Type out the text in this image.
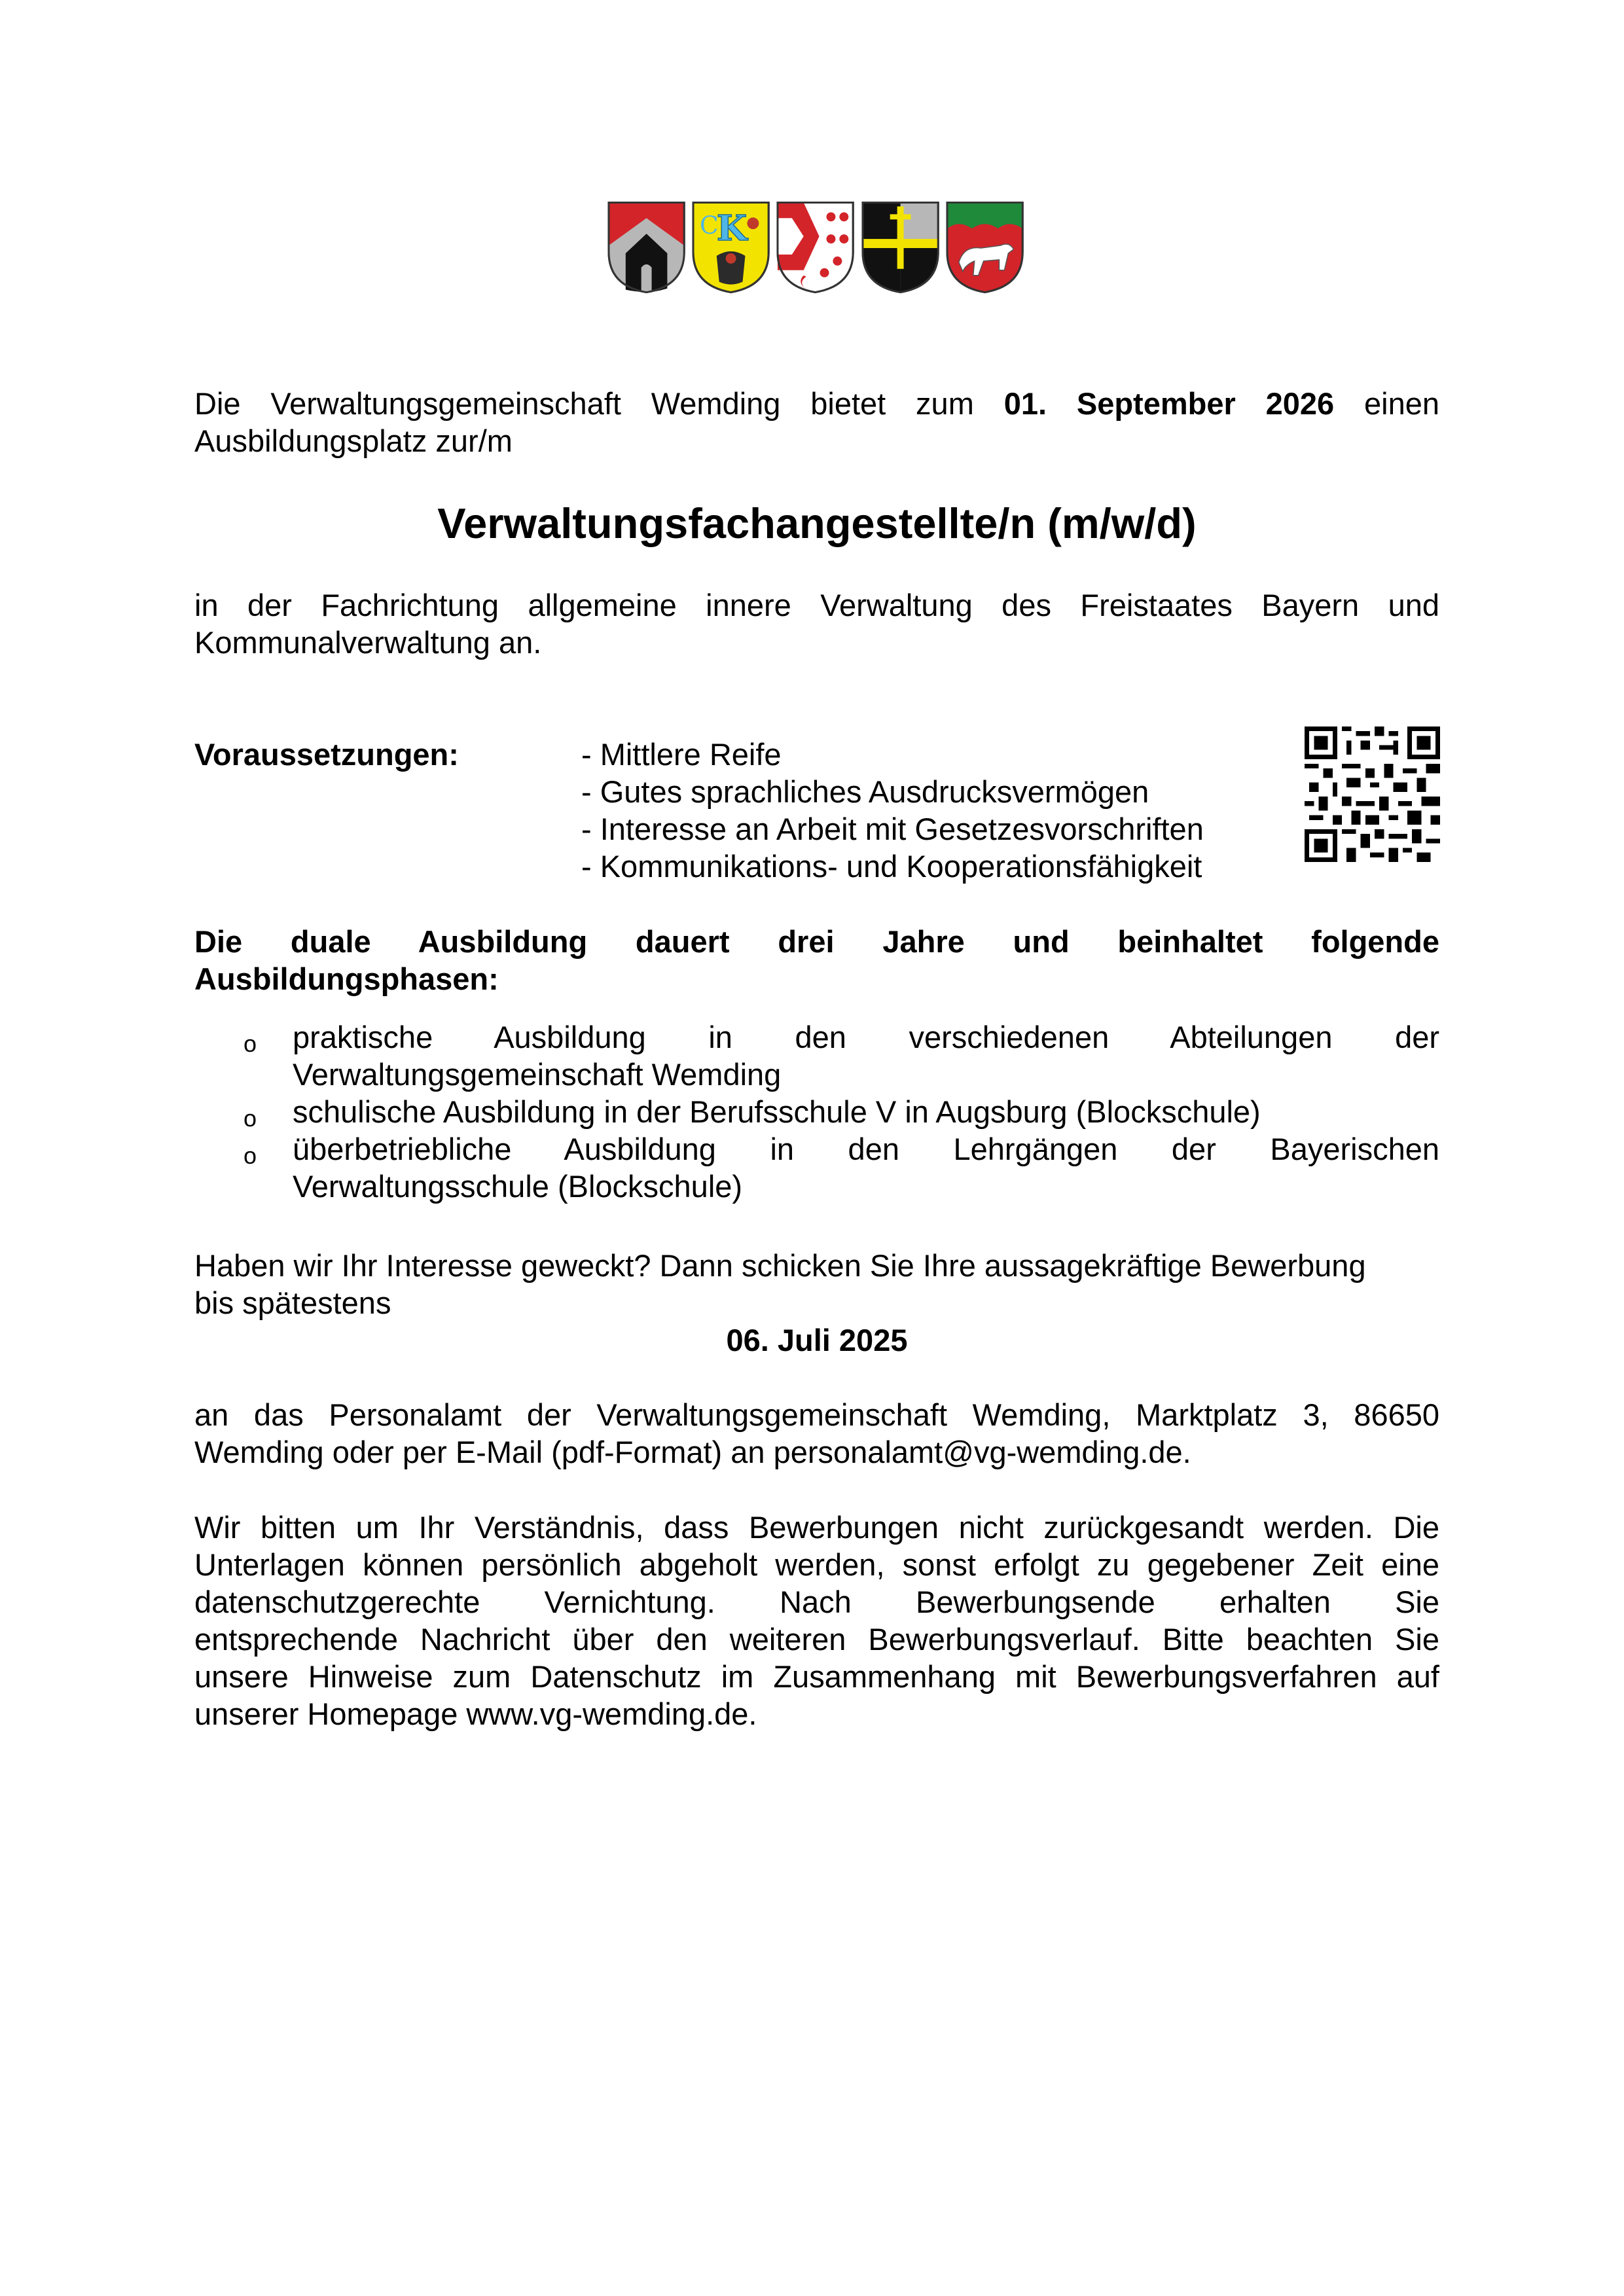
K
C
Die Verwaltungsgemeinschaft Wemding bietet zum 01. September 2026 einen
Ausbildungsplatz zur/m
Verwaltungsfachangestellte/n (m/w/d)
in der Fachrichtung allgemeine innere Verwaltung des Freistaates Bayern und
Kommunalverwaltung an.
Voraussetzungen:	- Mittlere Reife
- Gutes sprachliches Ausdrucksvermögen
- Interesse an Arbeit mit Gesetzesvorschriften
- Kommunikations- und Kooperationsfähigkeit
Die duale Ausbildung dauert drei Jahre und beinhaltet folgende
Ausbildungsphasen:
o praktische Ausbildung in den verschiedenen Abteilungen der
Verwaltungsgemeinschaft Wemding
o schulische Ausbildung in der Berufsschule V in Augsburg (Blockschule)
o überbetriebliche Ausbildung in den Lehrgängen der Bayerischen
Verwaltungsschule (Blockschule)
Haben wir Ihr Interesse geweckt? Dann schicken Sie Ihre aussagekräftige Bewerbung
bis spätestens
06. Juli 2025
an das Personalamt der Verwaltungsgemeinschaft Wemding, Marktplatz 3, 86650
Wemding oder per E-Mail (pdf-Format) an personalamt@vg-wemding.de.
Wir bitten um Ihr Verständnis, dass Bewerbungen nicht zurückgesandt werden. Die
Unterlagen können persönlich abgeholt werden, sonst erfolgt zu gegebener Zeit eine
datenschutzgerechte Vernichtung. Nach Bewerbungsende erhalten Sie
entsprechende Nachricht über den weiteren Bewerbungsverlauf. Bitte beachten Sie
unsere Hinweise zum Datenschutz im Zusammenhang mit Bewerbungsverfahren auf
unserer Homepage www.vg-wemding.de.
